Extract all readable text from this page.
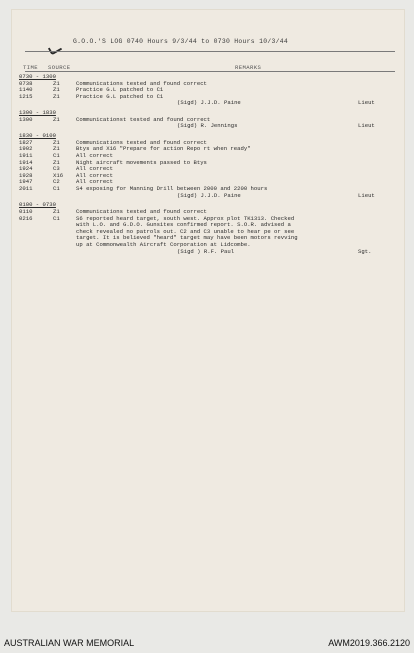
G.O.O.'S LOG 0740 Hours 9/3/44 to 0730 Hours 10/3/44
TIME SOURCE	REMARKS
0730 - 1300
0738	Z1	Communications tested and found correct
1140	Z1	Practice G.L patched to C1
1215	Z1	Practice G.L patched to C1
(Sigd) J.J.D. Paine	Lieut
1300 - 1830
1300	Z1	Communicationst tested and found correct
(Sigd) R. Jennings	Lieut
1830 - 0100
1827	Z1	Communications tested and found correct
1902	Z1	Btys and X16 "Prepare for action Repo rt when ready"
1911	C1	All correct
1914	Z1	Night aircraft movements passed to Btys
1924	C3	All correct
1928	X16 All correct
1947	C2	All correct
2011	C1	S4 exposing for Manning Drill between 2000 and 2200 hours
(Sigd) J.J.D. Paine	Lieut
0100 - 0730
0110	Z1	Communications tested and found correct
0216	C1	S6 reported heard target, south west. Approx plot TK1313. Checked
with L.O. and G.D.O. Gunsites confirmed report. S.O.R. advised a
check revealed no patrols out. C2 and C3 unable to hear pe or see
target. It is believed "heard" target may have been motors revving
up at Commonwealth Aircraft Corporation at Lidcombe.
(Sigd ) R.F. Paul	Sgt.
AUSTRALIAN WAR MEMORIAL	AWM2019.366.2120
